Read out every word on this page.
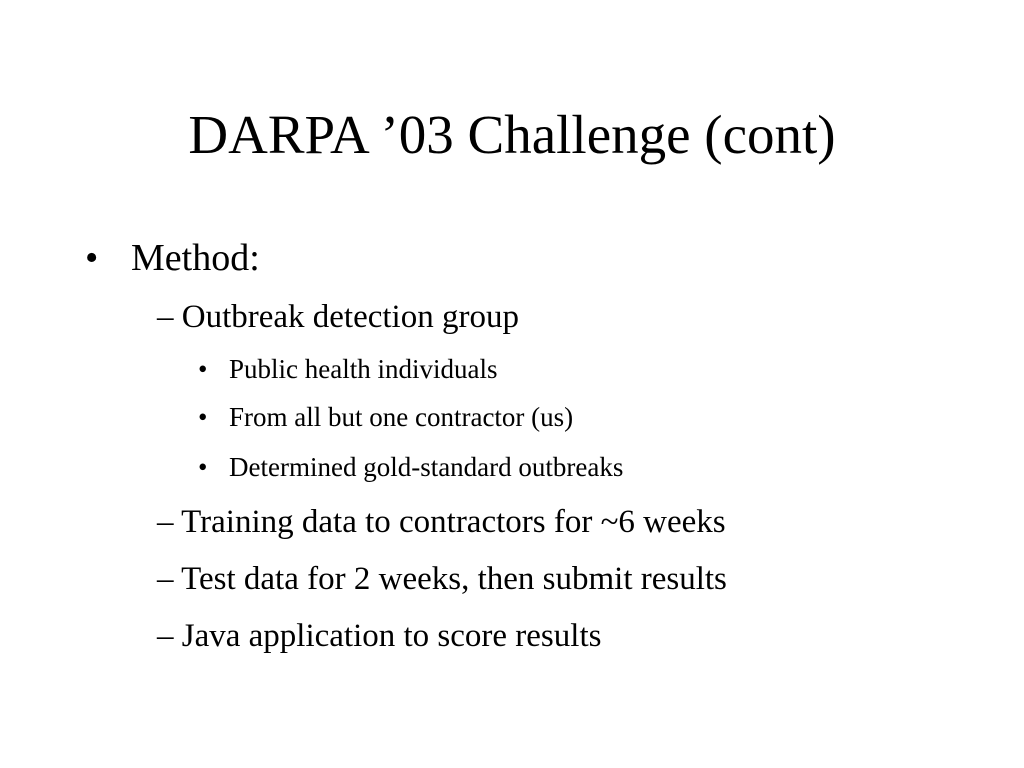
DARPA ’03 Challenge (cont)
• Method:
– Outbreak detection group
• Public health individuals
• From all but one contractor (us)
• Determined gold-standard outbreaks
– Training data to contractors for ~6 weeks
– Test data for 2 weeks, then submit results
– Java application to score results
